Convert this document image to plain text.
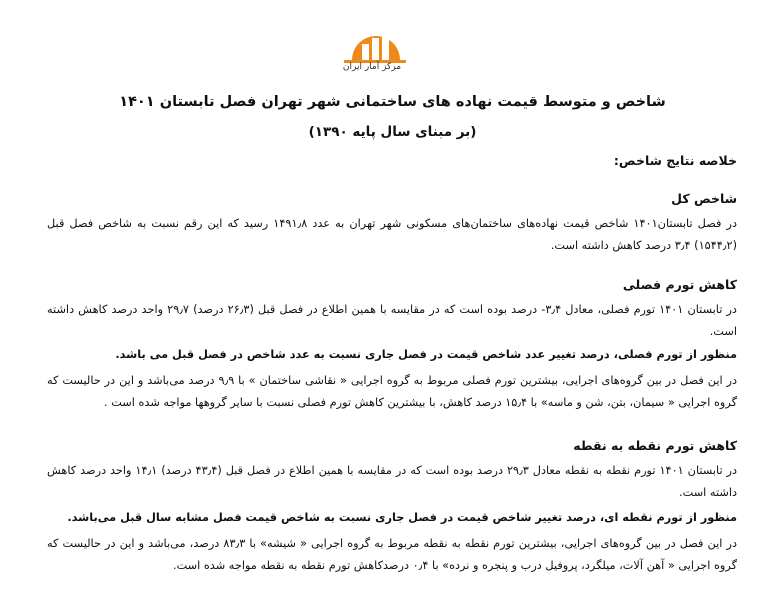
مرکز آمار ایران
شاخص و متوسط قیمت نهاده های ساختمانی شهر تهران فصل تابستان ۱۴۰۱
(بر مبنای سال پایه ۱۳۹۰)
خلاصه نتایج شاخص:
شاخص کل
در فصل تابستان۱۴۰۱ شاخص قیمت نهاده‌های ساختمان‌های مسکونی شهر تهران به عدد ۱۴۹۱٫۸ رسید که این رقم نسبت به شاخص فصل قبل (۱۵۴۴٫۲) ۳٫۴ درصد کاهش داشته است.
کاهش تورم فصلی
در تابستان ۱۴۰۱ تورم فصلی، معادل ۳٫۴- درصد بوده است که در مقایسه با همین اطلاع در فصل قبل (۲۶٫۳ درصد) ۲۹٫۷ واحد درصد کاهش داشته است.
منظور از تورم فصلی، درصد تغییر عدد شاخص قیمت در فصل جاری نسبت به عدد شاخص در فصل قبل می باشد.
در این فصل در بین گروه‌های اجرایی، بیشترین تورم فصلی مربوط به گروه اجرایی « نقاشی ساختمان » با ۹٫۹ درصد می‌باشد و این در حالیست که گروه اجرایی « سیمان، بتن، شن و ماسه» با ۱۵٫۴ درصد کاهش، با بیشترین کاهش تورم فصلی نسبت با سایر گروهها مواجه شده است .
کاهش تورم نقطه به نقطه
در تابستان ۱۴۰۱ تورم نقطه به نقطه معادل ۲۹٫۳ درصد بوده است که در مقایسه با همین اطلاع در فصل قبل (۴۳٫۴ درصد) ۱۴٫۱ واحد درصد کاهش داشته است.
منظور از تورم نقطه ای، درصد تغییر شاخص قیمت در فصل جاری نسبت به شاخص قیمت فصل مشابه سال قبل می‌باشد.
در این فصل در بین گروه‌های اجرایی، بیشترین تورم نقطه به نقطه مربوط به گروه اجرایی « شیشه» با ۸۳٫۳ درصد، می‌باشد و این در حالیست که گروه اجرایی « آهن آلات، میلگرد، پروفیل درب و پنجره و نرده» با ۰٫۴ درصدکاهش تورم نقطه به نقطه مواجه شده است.
